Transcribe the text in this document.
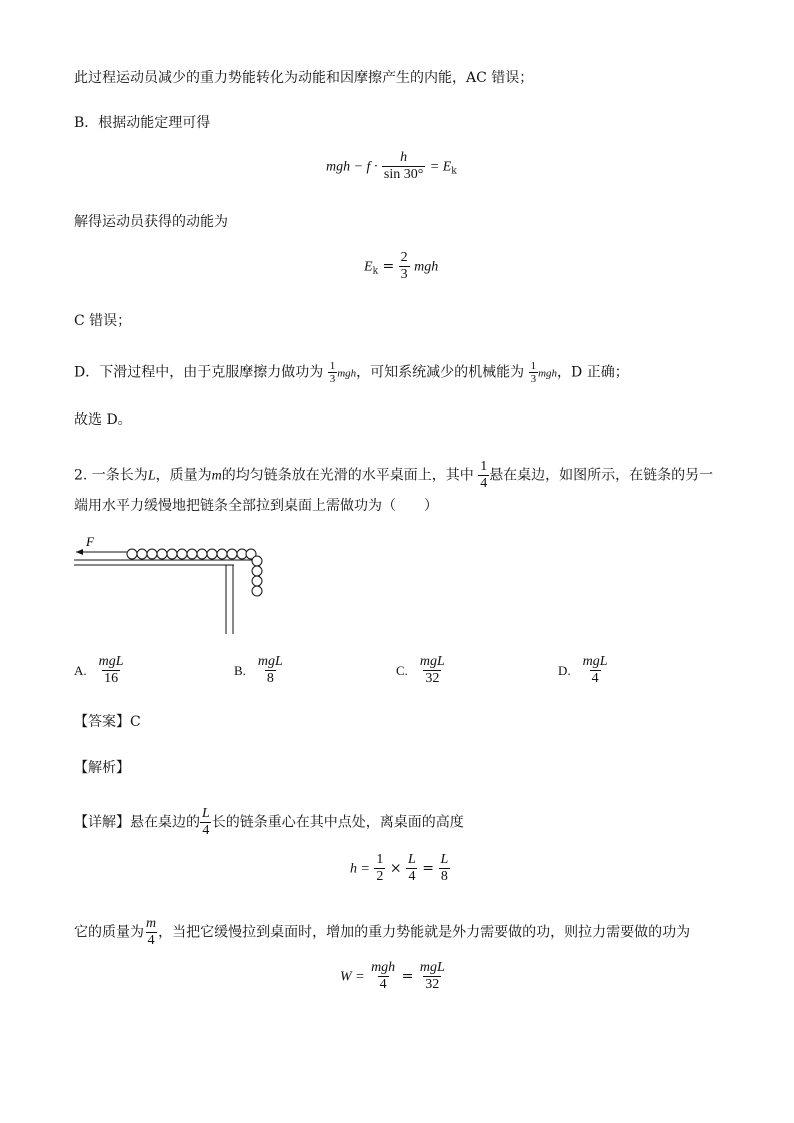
此过程运动员减少的重力势能转化为动能和因摩擦产生的内能，AC 错误；
B．根据动能定理可得
mgh − $f \cdot \frac{h}{\sin 30^\circ} = E_k$
解得运动员获得的动能为
$E_k = \frac{2}{3}$ mgh
C 错误；
D．下滑过程中，由于克服摩擦力做功为 $\frac{1}{3}$ mgh，可知系统减少的机械能为 $\frac{1}{3}$ mgh，D 正确；
故选 D。
2. 一条长为L，质量为m的均匀链条放在光滑的水平桌面上，其中 $\frac{1}{4}$ 悬在桌边，如图所示，在链条的另一
端用水平力缓慢地把链条全部拉到桌面上需做功为（　　）
F
A. $\frac{\text{mgL}}{16}$	B. $\frac{\text{mgL}}{8}$	C. $\frac{\text{mgL}}{32}$	D. $\frac{\text{mgL}}{4}$
【答案】C
【解析】
【详解】悬在桌边的 $\frac{L}{4}$ 长的链条重心在其中点处，离桌面的高度
$h = \frac{1}{2} \times \frac{L}{4} = \frac{L}{8}$
它的质量为 $\frac{m}{4}$ ，当把它缓慢拉到桌面时，增加的重力势能就是外力需要做的功，则拉力需要做的功为
$W = \frac{\text{mgh}}{4} = \frac{\text{mgL}}{32}$
